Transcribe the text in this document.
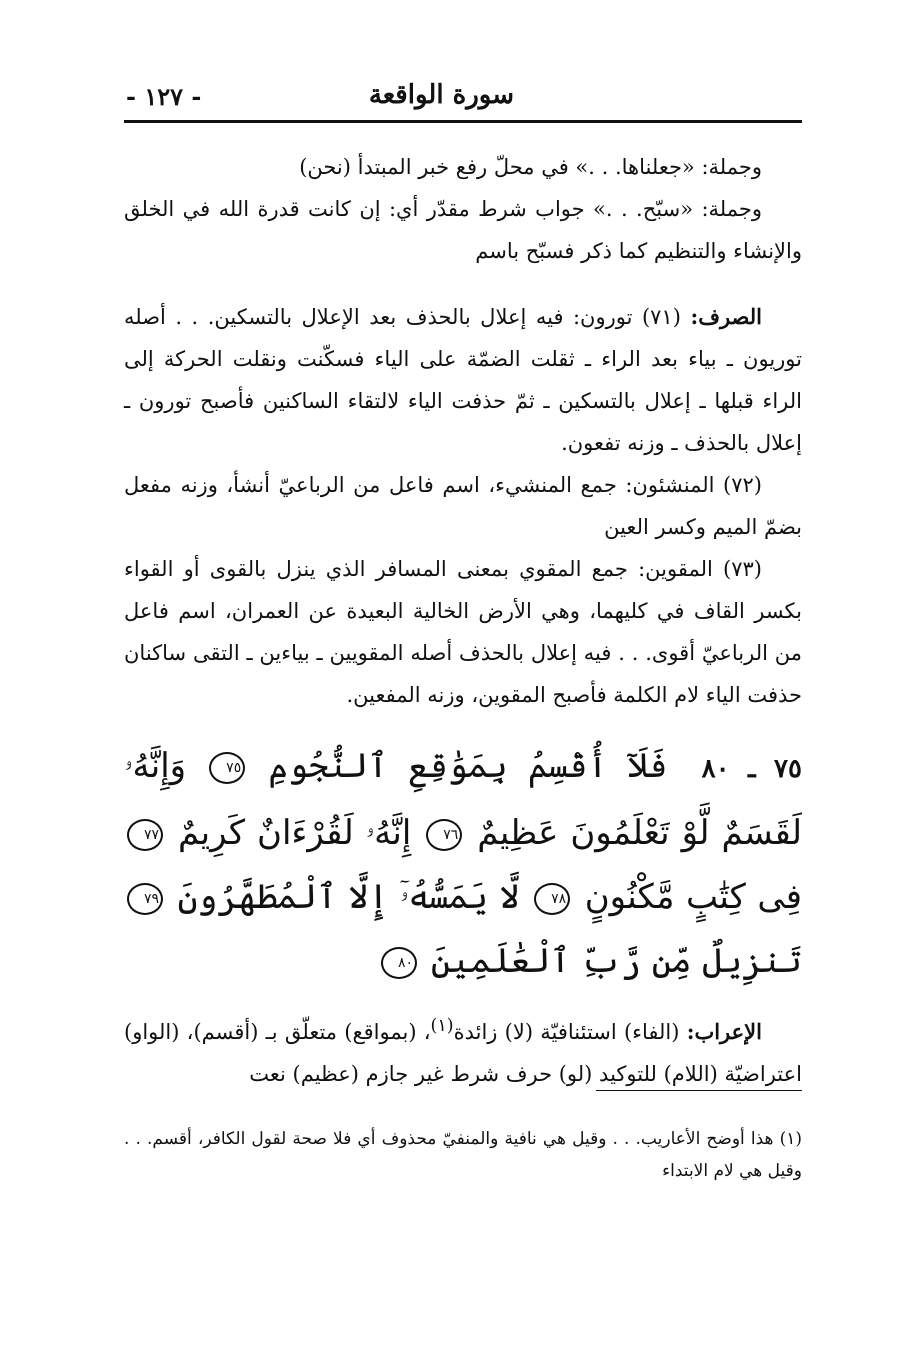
سورة الواقعة
- ١٢٧ -

وجملة: «جعلناها. . .» في محلّ رفع خبر المبتدأ (نحن)

وجملة: «سبّح. . .» جواب شرط مقدّر أي: إن كانت قدرة الله في الخلق والإنشاء والتنظيم كما ذكر فسبّح باسم

الصرف: (٧١) تورون: فيه إعلال بالحذف بعد الإعلال بالتسكين. . . أصله توريون ـ بياء بعد الراء ـ ثقلت الضمّة على الياء فسكّنت ونقلت الحركة إلى الراء قبلها ـ إعلال بالتسكين ـ ثمّ حذفت الياء لالتقاء الساكنين فأصبح تورون ـ إعلال بالحذف ـ وزنه تفعون.

(٧٢) المنشئون: جمع المنشيء، اسم فاعل من الرباعيّ أنشأ، وزنه مفعل بضمّ الميم وكسر العين

(٧٣) المقوين: جمع المقوي بمعنى المسافر الذي ينزل بالقوى أو القواء بكسر القاف في كليهما، وهي الأرض الخالية البعيدة عن العمران، اسم فاعل من الرباعيّ أقوى. . . فيه إعلال بالحذف أصله المقويين ـ بياءين ـ التقى ساكنان حذفت الياء لام الكلمة فأصبح المقوين، وزنه المفعين.

٧٥ ـ ٨٠ فَلَآ أُقْسِمُ بِمَوَٰقِعِ ٱلنُّجُومِ ٧٥ وَإِنَّهُۥ لَقَسَمٌ لَّوْ تَعْلَمُونَ عَظِيمٌ ٧٦ إِنَّهُۥ لَقُرْءَانٌ كَرِيمٌ ٧٧ فِى كِتَٰبٍ مَّكْنُونٍ ٧٨ لَّا يَمَسُّهُۥٓ إِلَّا ٱلْمُطَهَّرُونَ ٧٩ تَنزِيلٌ مِّن رَّبِّ ٱلْعَٰلَمِينَ ٨٠

الإعراب: (الفاء) استئنافيّة (لا) زائدة$^{(١)}$، (بمواقع) متعلّق بـ (أقسم)، (الواو) اعتراضيّة (اللام) للتوكيد (لو) حرف شرط غير جازم (عظيم) نعت

(١) هذا أوضح الأعاريب. . . وقيل هي نافية والمنفيّ محذوف أي فلا صحة لقول الكافر، أقسم. . . وقيل هي لام الابتداء
